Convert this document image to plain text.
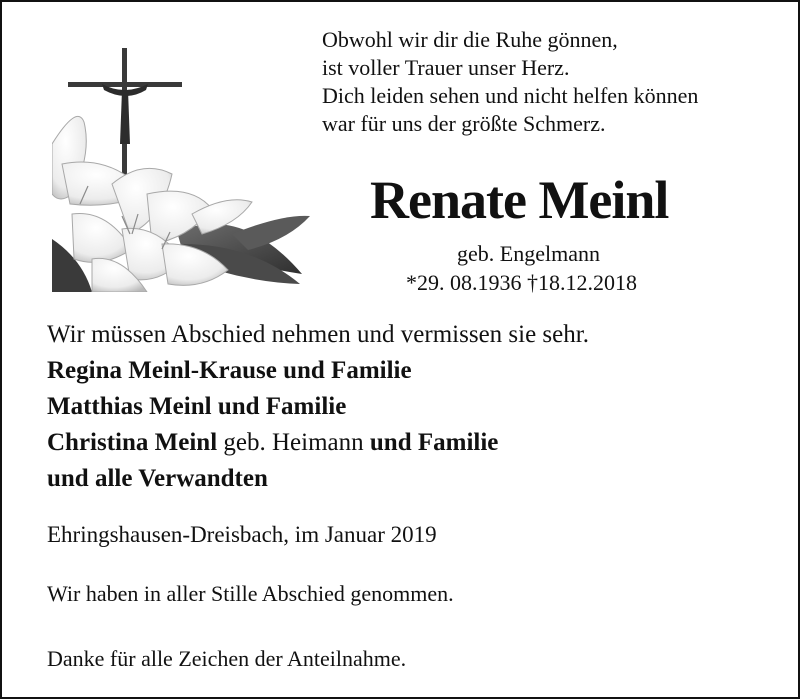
Obwohl wir dir die Ruhe gönnen,
ist voller Trauer unser Herz.
Dich leiden sehen und nicht helfen können
war für uns der größte Schmerz.
Renate Meinl
geb. Engelmann
*29. 08.1936 †18.12.2018
Wir müssen Abschied nehmen und vermissen sie sehr.
Regina Meinl-Krause und Familie
Matthias Meinl und Familie
Christina Meinl geb. Heimann und Familie
und alle Verwandten
Ehringshausen-Dreisbach, im Januar 2019
Wir haben in aller Stille Abschied genommen.
Danke für alle Zeichen der Anteilnahme.
